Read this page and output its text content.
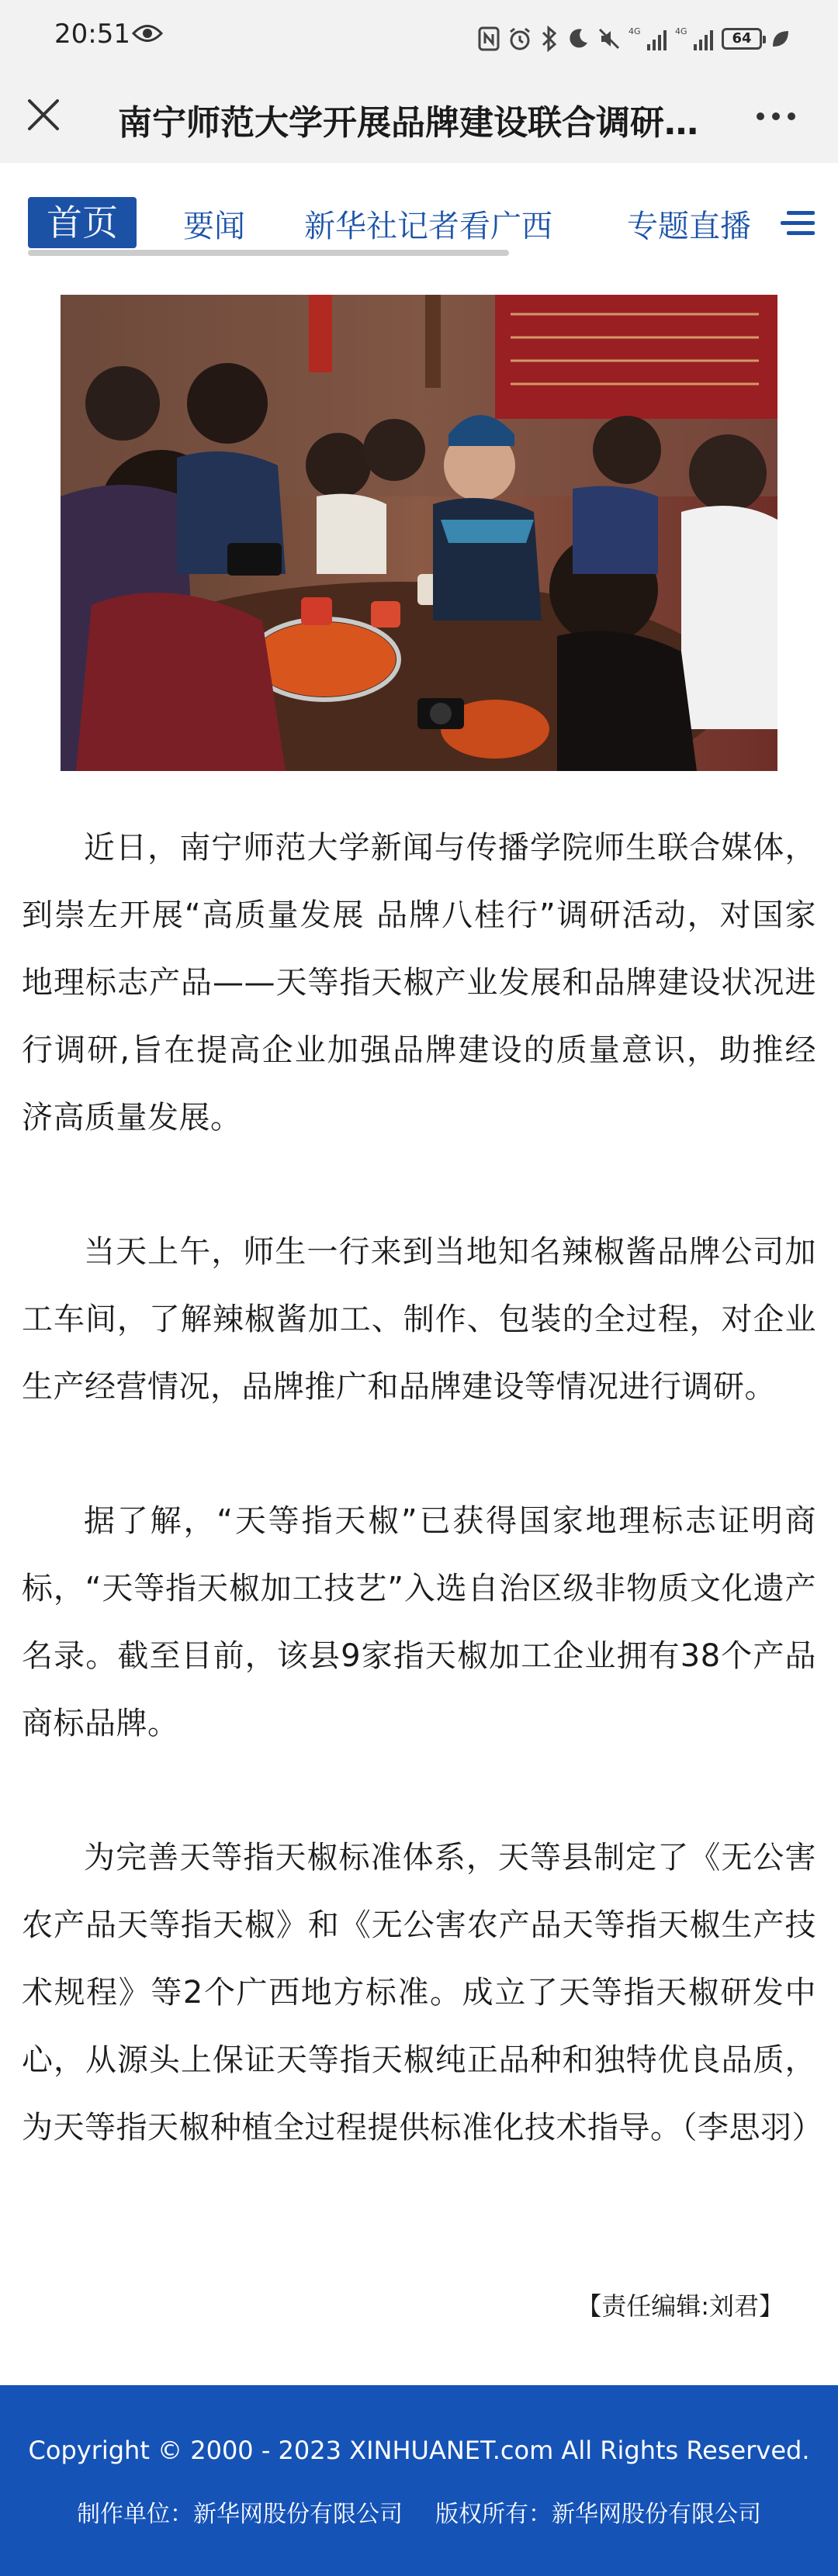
20:51	4G	4G	64
南宁师范大学开展品牌建设联合调研…
首页	要闻 新华社记者看广西 专题直播

近日，南宁师范大学新闻与传播学院师生联合媒体，到崇左开展“高质量发展 品牌八桂行”调研活动，对国家地理标志产品——天等指天椒产业发展和品牌建设状况进行调研,旨在提高企业加强品牌建设的质量意识，助推经济高质量发展。

当天上午，师生一行来到当地知名辣椒酱品牌公司加工车间，了解辣椒酱加工、制作、包装的全过程，对企业生产经营情况，品牌推广和品牌建设等情况进行调研。

据了解，“天等指天椒”已获得国家地理标志证明商标，“天等指天椒加工技艺”入选自治区级非物质文化遗产名录。截至目前，该县9家指天椒加工企业拥有38个产品商标品牌。

为完善天等指天椒标准体系，天等县制定了《无公害农产品天等指天椒》和《无公害农产品天等指天椒生产技术规程》等2个广西地方标准。成立了天等指天椒研发中心，从源头上保证天等指天椒纯正品种和独特优良品质，为天等指天椒种植全过程提供标准化技术指导。（李思羽）

【责任编辑:刘君】
Copyright © 2000 - 2023 XINHUANET.com All Rights Reserved.
制作单位：新华网股份有限公司 版权所有：新华网股份有限公司
